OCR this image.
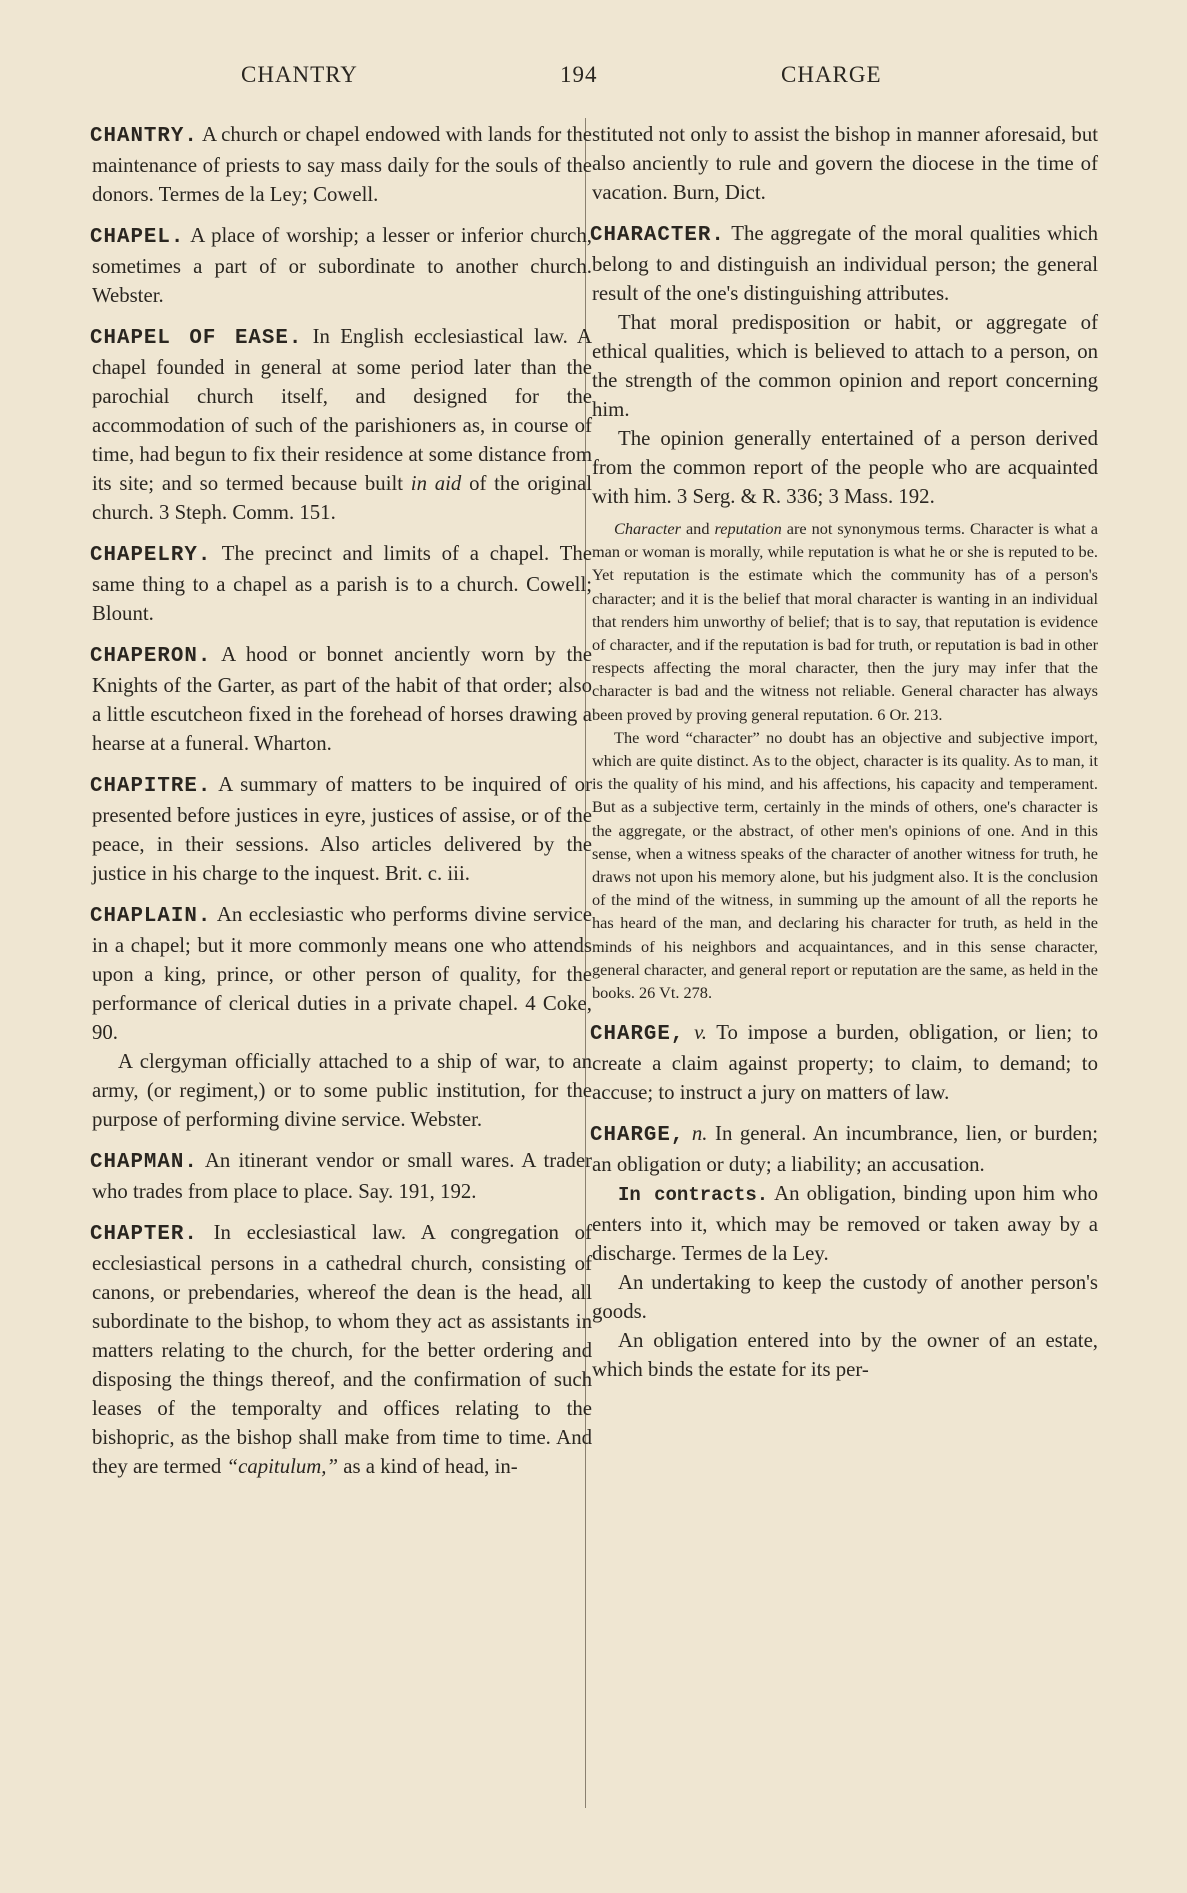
CHANTRY	194	CHARGE

CHANTRY. A church or chapel endowed with lands for the maintenance of priests to say mass daily for the souls of the donors. Termes de la Ley; Cowell.

CHAPEL. A place of worship; a lesser or inferior church, sometimes a part of or subordinate to another church. Webster.

CHAPEL OF EASE. In English ecclesiastical law. A chapel founded in general at some period later than the parochial church itself, and designed for the accommodation of such of the parishioners as, in course of time, had begun to fix their residence at some distance from its site; and so termed because built in aid of the original church. 3 Steph. Comm. 151.

CHAPELRY. The precinct and limits of a chapel. The same thing to a chapel as a parish is to a church. Cowell; Blount.

CHAPERON. A hood or bonnet anciently worn by the Knights of the Garter, as part of the habit of that order; also a little escutcheon fixed in the forehead of horses drawing a hearse at a funeral. Wharton.

CHAPITRE. A summary of matters to be inquired of or presented before justices in eyre, justices of assise, or of the peace, in their sessions. Also articles delivered by the justice in his charge to the inquest. Brit. c. iii.

CHAPLAIN. An ecclesiastic who performs divine service in a chapel; but it more commonly means one who attends upon a king, prince, or other person of quality, for the performance of clerical duties in a private chapel. 4 Coke, 90.

A clergyman officially attached to a ship of war, to an army, (or regiment,) or to some public institution, for the purpose of performing divine service. Webster.

CHAPMAN. An itinerant vendor or small wares. A trader who trades from place to place. Say. 191, 192.

CHAPTER. In ecclesiastical law. A congregation of ecclesiastical persons in a cathedral church, consisting of canons, or prebendaries, whereof the dean is the head, all subordinate to the bishop, to whom they act as assistants in matters relating to the church, for the better ordering and disposing the things thereof, and the confirmation of such leases of the temporalty and offices relating to the bishopric, as the bishop shall make from time to time. And they are termed “capitulum,” as a kind of head, in-

stituted not only to assist the bishop in manner aforesaid, but also anciently to rule and govern the diocese in the time of vacation. Burn, Dict.

CHARACTER. The aggregate of the moral qualities which belong to and distinguish an individual person; the general result of the one's distinguishing attributes.

That moral predisposition or habit, or aggregate of ethical qualities, which is believed to attach to a person, on the strength of the common opinion and report concerning him.

The opinion generally entertained of a person derived from the common report of the people who are acquainted with him. 3 Serg. & R. 336; 3 Mass. 192.

Character and reputation are not synonymous terms. Character is what a man or woman is morally, while reputation is what he or she is reputed to be. Yet reputation is the estimate which the community has of a person's character; and it is the belief that moral character is wanting in an individual that renders him unworthy of belief; that is to say, that reputation is evidence of character, and if the reputation is bad for truth, or reputation is bad in other respects affecting the moral character, then the jury may infer that the character is bad and the witness not reliable. General character has always been proved by proving general reputation. 6 Or. 213.

The word “character” no doubt has an objective and subjective import, which are quite distinct. As to the object, character is its quality. As to man, it is the quality of his mind, and his affections, his capacity and temperament. But as a subjective term, certainly in the minds of others, one's character is the aggregate, or the abstract, of other men's opinions of one. And in this sense, when a witness speaks of the character of another witness for truth, he draws not upon his memory alone, but his judgment also. It is the conclusion of the mind of the witness, in summing up the amount of all the reports he has heard of the man, and declaring his character for truth, as held in the minds of his neighbors and acquaintances, and in this sense character, general character, and general report or reputation are the same, as held in the books. 26 Vt. 278.

CHARGE, v. To impose a burden, obligation, or lien; to create a claim against property; to claim, to demand; to accuse; to instruct a jury on matters of law.

CHARGE, n. In general. An incumbrance, lien, or burden; an obligation or duty; a liability; an accusation.

In contracts. An obligation, binding upon him who enters into it, which may be removed or taken away by a discharge. Termes de la Ley.

An undertaking to keep the custody of another person's goods.

An obligation entered into by the owner of an estate, which binds the estate for its per-
